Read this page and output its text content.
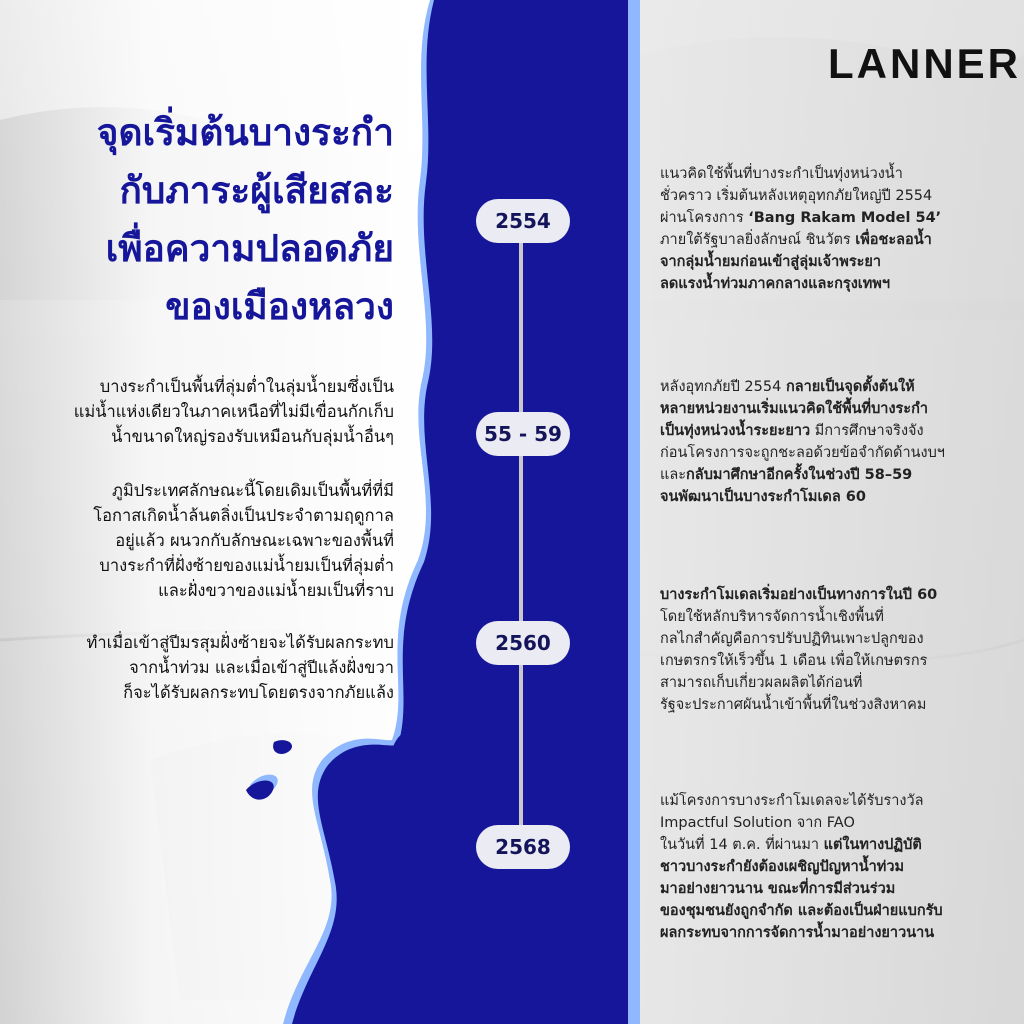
LANNER
จุดเริ่มต้นบางระกำ
กับภาระผู้เสียสละ
เพื่อความปลอดภัย
ของเมืองหลวง

บางระกำเป็นพื้นที่ลุ่มต่ำในลุ่มน้ำยมซึ่งเป็น
แม่น้ำแห่งเดียวในภาคเหนือที่ไม่มีเขื่อนกักเก็บ
น้ำขนาดใหญ่รองรับเหมือนกับลุ่มน้ำอื่นๆ

ภูมิประเทศลักษณะนี้โดยเดิมเป็นพื้นที่ที่มี
โอกาสเกิดน้ำล้นตลิ่งเป็นประจำตามฤดูกาล
อยู่แล้ว ผนวกกับลักษณะเฉพาะของพื้นที่
บางระกำที่ฝั่งซ้ายของแม่น้ำยมเป็นที่ลุ่มต่ำ
และฝั่งขวาของแม่น้ำยมเป็นที่ราบ

ทำเมื่อเข้าสู่ปีมรสุมฝั่งซ้ายจะได้รับผลกระทบ
จากน้ำท่วม และเมื่อเข้าสู่ปีแล้งฝั่งขวา
ก็จะได้รับผลกระทบโดยตรงจากภัยแล้ง

2554
55 - 59
2560
2568

แนวคิดใช้พื้นที่บางระกำเป็นทุ่งหน่วงน้ำ
ชั่วคราว เริ่มต้นหลังเหตุอุทกภัยใหญ่ปี 2554
ผ่านโครงการ ‘Bang Rakam Model 54’
ภายใต้รัฐบาลยิ่งลักษณ์ ชินวัตร เพื่อชะลอน้ำ
จากลุ่มน้ำยมก่อนเข้าสู่ลุ่มเจ้าพระยา
ลดแรงน้ำท่วมภาคกลางและกรุงเทพฯ

หลังอุทกภัยปี 2554 กลายเป็นจุดตั้งต้นให้
หลายหน่วยงานเริ่มแนวคิดใช้พื้นที่บางระกำ
เป็นทุ่งหน่วงน้ำระยะยาว มีการศึกษาจริงจัง
ก่อนโครงการจะถูกชะลอด้วยข้อจำกัดด้านงบฯ
และกลับมาศึกษาอีกครั้งในช่วงปี 58–59
จนพัฒนาเป็นบางระกำโมเดล 60

บางระกำโมเดลเริ่มอย่างเป็นทางการในปี 60
โดยใช้หลักบริหารจัดการน้ำเชิงพื้นที่
กลไกสำคัญคือการปรับปฏิทินเพาะปลูกของ
เกษตรกรให้เร็วขึ้น 1 เดือน เพื่อให้เกษตรกร
สามารถเก็บเกี่ยวผลผลิตได้ก่อนที่
รัฐจะประกาศผันน้ำเข้าพื้นที่ในช่วงสิงหาคม

แม้โครงการบางระกำโมเดลจะได้รับรางวัล
Impactful Solution จาก FAO
ในวันที่ 14 ต.ค. ที่ผ่านมา แต่ในทางปฏิบัติ
ชาวบางระกำยังต้องเผชิญปัญหาน้ำท่วม
มาอย่างยาวนาน ขณะที่การมีส่วนร่วม
ของชุมชนยังถูกจำกัด และต้องเป็นฝ่ายแบกรับ
ผลกระทบจากการจัดการน้ำมาอย่างยาวนาน
